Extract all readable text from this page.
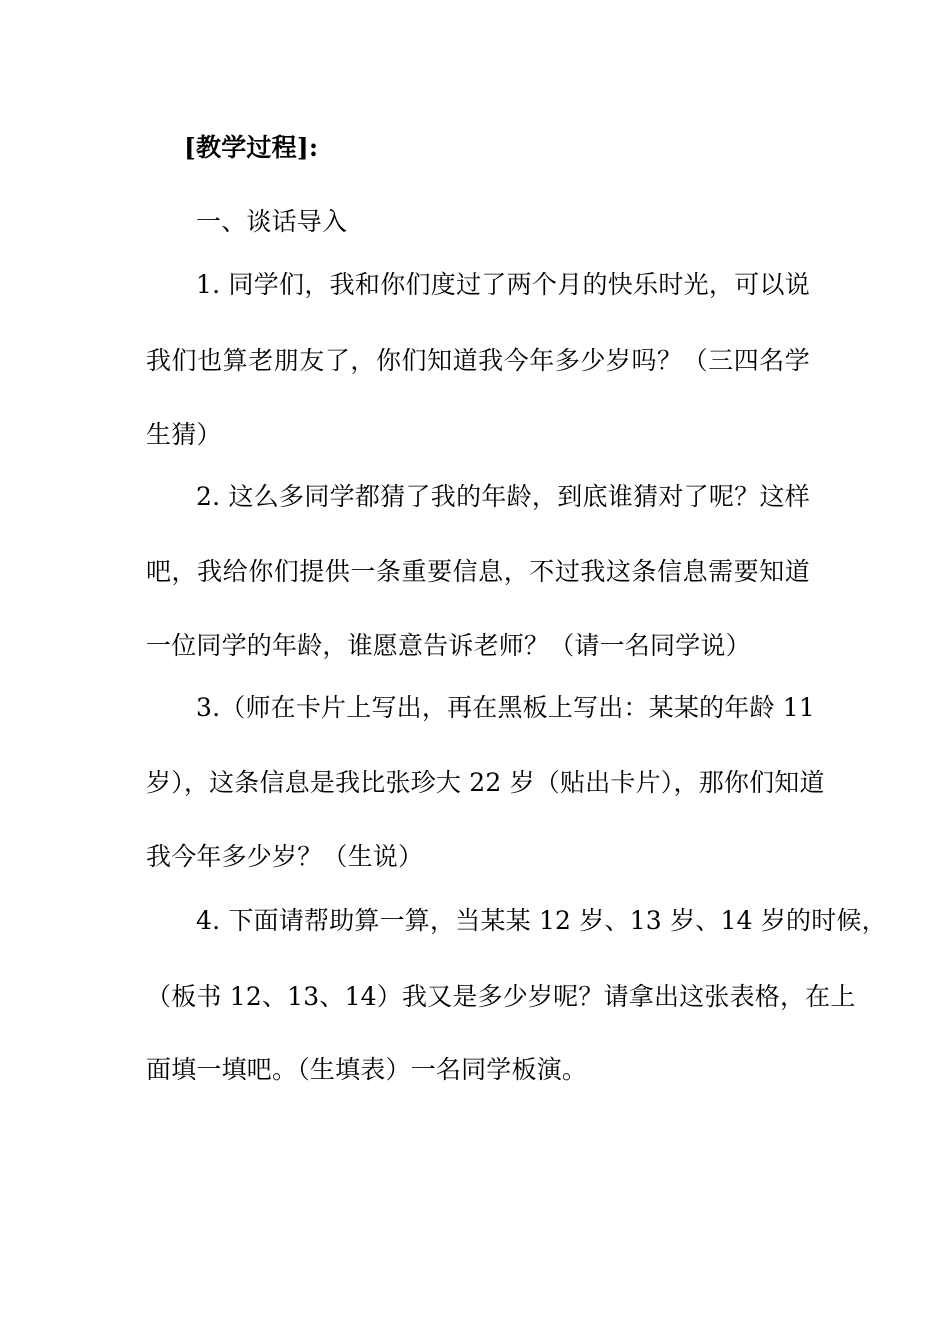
[教学过程]:
一、谈话导入
1. 同学们，我和你们度过了两个月的快乐时光，可以说
我们也算老朋友了，你们知道我今年多少岁吗？（三四名学
生猜）
2. 这么多同学都猜了我的年龄，到底谁猜对了呢？这样
吧，我给你们提供一条重要信息，不过我这条信息需要知道
一位同学的年龄，谁愿意告诉老师？（请一名同学说）
3.（师在卡片上写出，再在黑板上写出：某某的年龄 11
岁），这条信息是我比张珍大 22 岁（贴出卡片），那你们知道
我今年多少岁？（生说）
4. 下面请帮助算一算，当某某 12 岁、13 岁、14 岁的时候，
（板书 12、13、14）我又是多少岁呢？请拿出这张表格，在上
面填一填吧。（生填表）一名同学板演。
